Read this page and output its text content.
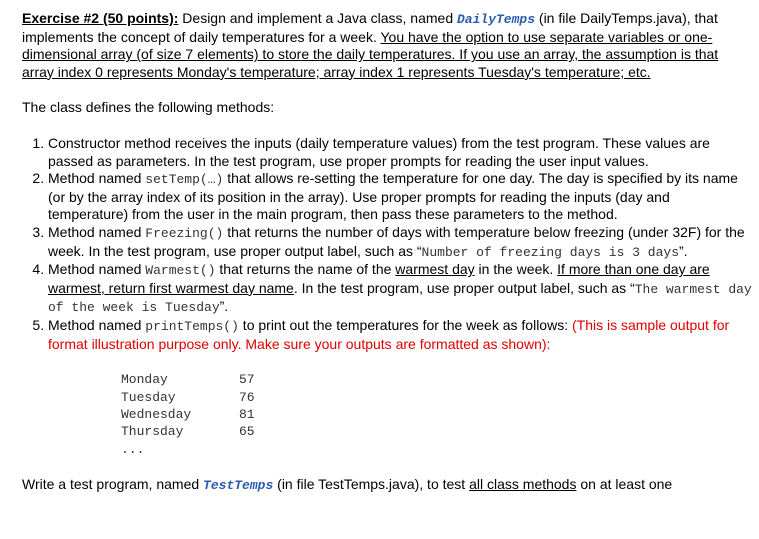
Exercise #2 (50 points): Design and implement a Java class, named DailyTemps (in file DailyTemps.java), that implements the concept of daily temperatures for a week. You have the option to use separate variables or one-dimensional array (of size 7 elements) to store the daily temperatures. If you use an array, the assumption is that array index 0 represents Monday's temperature; array index 1 represents Tuesday's temperature; etc.

The class defines the following methods:

1. Constructor method receives the inputs (daily temperature values) from the test program. These values are passed as parameters. In the test program, use proper prompts for reading the user input values.
2. Method named setTemp(…) that allows re-setting the temperature for one day. The day is specified by its name (or by the array index of its position in the array). Use proper prompts for reading the inputs (day and temperature) from the user in the main program, then pass these parameters to the method.
3. Method named Freezing() that returns the number of days with temperature below freezing (under 32F) for the week. In the test program, use proper output label, such as “Number of freezing days is 3 days”.
4. Method named Warmest() that returns the name of the warmest day in the week. If more than one day are warmest, return first warmest day name. In the test program, use proper output label, such as “The warmest day of the week is Tuesday”.
5. Method named printTemps() to print out the temperatures for the week as follows: (This is sample output for format illustration purpose only. Make sure your outputs are formatted as shown):
Monday	57
Tuesday	76
Wednesday	81
Thursday	65
...

Write a test program, named TestTemps (in file TestTemps.java), to test all class methods on at least one
